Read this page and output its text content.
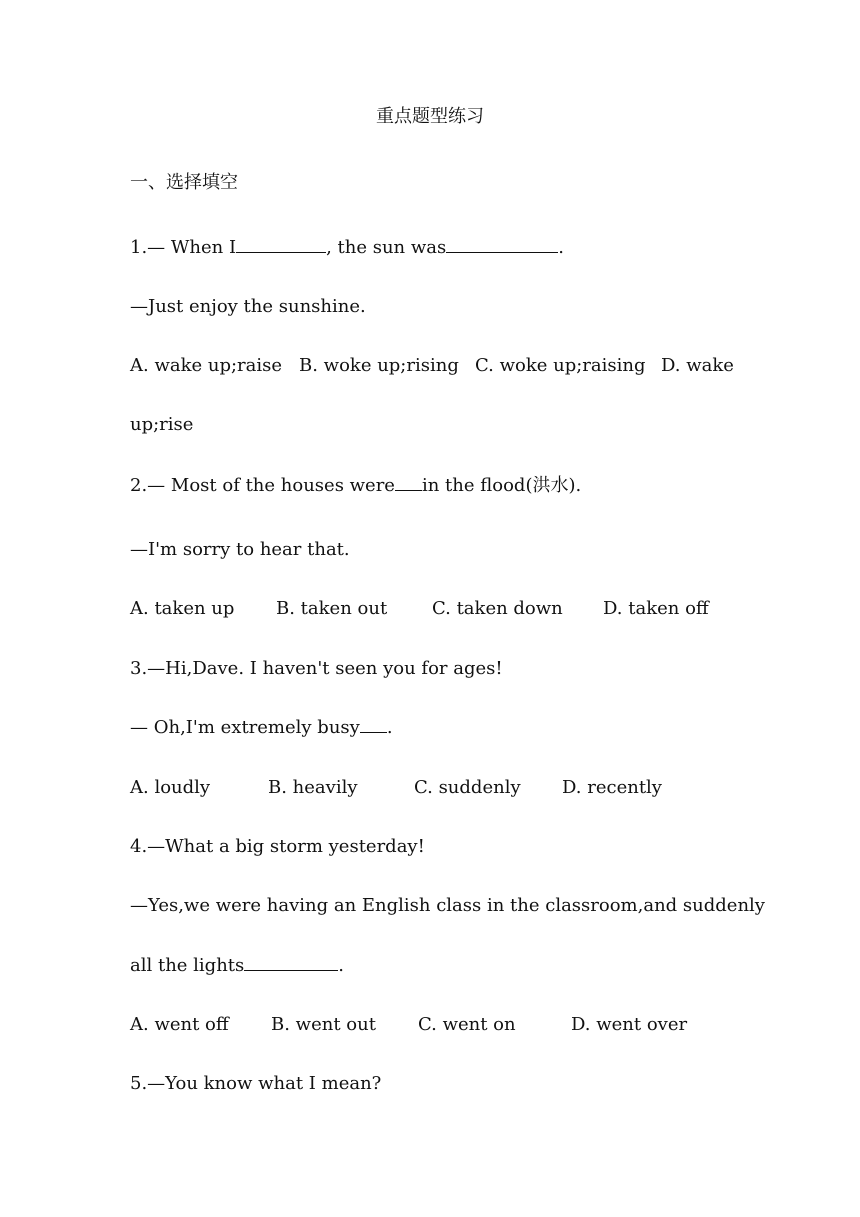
重点题型练习
一、选择填空
1.— When I	, the sun was	.
—Just enjoy the sunshine.
A. wake up;raise B. woke up;rising C. woke up;raising D. wake
up;rise
2.— Most of the houses were in the flood(洪水).
—I'm sorry to hear that.
A. taken up B. taken out C. taken down D. taken off
3.—Hi,Dave. I haven't seen you for ages!
— Oh,I'm extremely busy .
A. loudly	B. heavily	C. suddenly D. recently
4.—What a big storm yesterday!
—Yes,we were having an English class in the classroom,and suddenly
all the lights	.
A. went off B. went out C. went on	D. went over
5.—You know what I mean?
